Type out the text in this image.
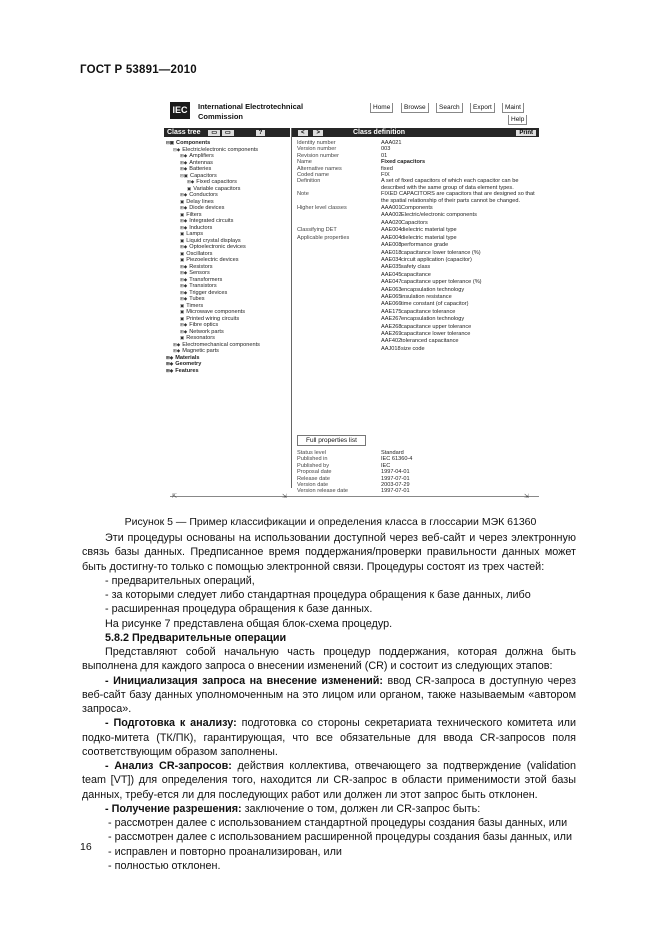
ГОСТ Р 53891—2010
IEC	International Electrotechnical
Commission
Home	Browse	Search	Export	Maint
Help
Class tree ▭ ▭	?	< >	Class definition	Print
⊟▣ Components
⊟◆ Electric/electronic components
⊞◆ Amplifiers
⊞◆ Antennas
⊞◆ Batteries
⊟▣ Capacitors
⊞◆ Fixed capacitors
▣ Variable capacitors
⊞◆ Conductors
▣ Delay lines
⊞◆ Diode devices
▣ Filters
⊞◆ Integrated circuits
⊞◆ Inductors
▣ Lamps
▣ Liquid crystal displays
⊞◆ Optoelectronic devices
▣ Oscillators
▣ Piezoelectric devices
⊞◆ Resistors
⊞◆ Sensors
⊞◆ Transformers
⊞◆ Transistors
⊞◆ Trigger devices
⊞◆ Tubes
▣ Timers
▣ Microwave components
▣ Printed wiring circuits
⊞◆ Fibre optics
⊞◆ Network parts
▣ Resonators
⊞◆ Electromechanical components
⊞◆ Magnetic parts
⊞◆ Materials
⊞◆ Geometry
⊞◆ Features
Identity number	AAA021
Version number	003
Revision number	01
Name	Fixed capacitors
Alternative names	fixed
Coded name	FIX
Definition	A set of fixed capacitors of which each capacitor can be described with the same group of data element types.
Note	FIXED CAPACITORS are capacitors that are designed so that the spatial relationship of their parts cannot be changed.
Higher level classes	AAA001 Components
AAA002 Electric/electronic components
AAA020 Capacitors
Classifying DET	AAE004 dielectric material type
Applicable properties	AAE004 dielectric material type
AAE008 performance grade
AAE018 capacitance lower tolerance (%)
AAE034 circuit application (capacitor)
AAE035 safety class
AAE045 capacitance
AAE047 capacitance upper tolerance (%)
AAE063 encapsulation technology
AAE065 insulation resistance
AAE066 time constant (of capacitor)
AAE175 capacitance tolerance
AAE267 encapsulation technology
AAE268 capacitance upper tolerance
AAE269 capacitance lower tolerance
AAF402 toleranced capacitance
AAJ018 size code
Full properties list
Status level	Standard
Published in	IEC 61360-4
Published by	IEC
Proposal date	1997-04-01
Release date	1997-07-01
Version date	2003-07-29
Version release date	1997-07-01
⇱	⇲	⇲
Рисунок 5 — Пример классификации и определения класса в глоссарии МЭК 61360

Эти процедуры основаны на использовании доступной через веб-сайт и через электронную связь базы данных. Предписанное время поддержания/проверки правильности данных может быть достигну-то только с помощью электронной связи. Процедуры состоят из трех частей:

- предварительных операций,

- за которыми следует либо стандартная процедура обращения к базе данных, либо

- расширенная процедура обращения к базе данных.

На рисунке 7 представлена общая блок-схема процедур.

5.8.2 Предварительные операции

Представляют собой начальную часть процедур поддержания, которая должна быть выполнена для каждого запроса о внесении изменений (CR) и состоит из следующих этапов:

- Инициализация запроса на внесение изменений: ввод CR-запроса в доступную через веб-сайт базу данных уполномоченным на это лицом или органом, также называемым «автором запроса».

- Подготовка к анализу: подготовка со стороны секретариата технического комитета или подко-митета (ТК/ПК), гарантирующая, что все обязательные для ввода CR-запросов поля соответствующим образом заполнены.

- Анализ CR-запросов: действия коллектива, отвечающего за подтверждение (validation team [VT]) для определения того, находится ли CR-запрос в области применимости этой базы данных, требу-ется ли для последующих работ или должен ли этот запрос быть отклонен.

- Получение разрешения: заключение о том, должен ли CR-запрос быть:

- рассмотрен далее с использованием стандартной процедуры создания базы данных, или

- рассмотрен далее с использованием расширенной процедуры создания базы данных, или

- исправлен и повторно проанализирован, или

- полностью отклонен.

16
